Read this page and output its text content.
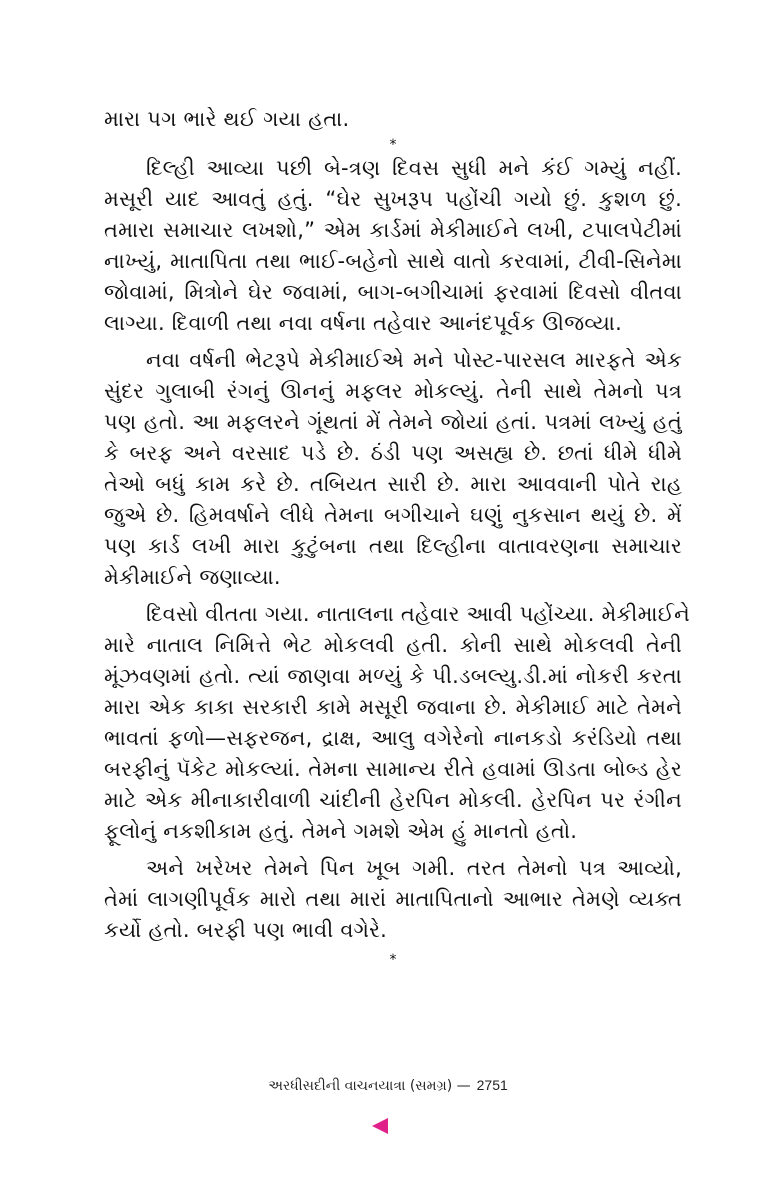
મારા પગ ભારે થઈ ગયા હતા.
*
દિલ્હી આવ્યા પછી બે-ત્રણ દિવસ સુધી મને કંઈ ગમ્યું નહીં.
મસૂરી યાદ આવતું હતું. “ઘેર સુખરૂપ પહોંચી ગયો છું. કુશળ છું.
તમારા સમાચાર લખશો,” એમ કાર્ડમાં મેકીમાઈને લખી, ટપાલપેટીમાં
નાખ્યું, માતાપિતા તથા ભાઈ-બહેનો સાથે વાતો કરવામાં, ટીવી-સિનેમા
જોવામાં, મિત્રોને ઘેર જવામાં, બાગ-બગીચામાં ફરવામાં દિવસો વીતવા
લાગ્યા. દિવાળી તથા નવા વર્ષના તહેવાર આનંદપૂર્વક ઊજવ્યા.
નવા વર્ષની ભેટરૂપે મેકીમાઈએ મને પોસ્ટ-પારસલ મારફતે એક
સુંદર ગુલાબી રંગનું ઊનનું મફલર મોકલ્યું. તેની સાથે તેમનો પત્ર
પણ હતો. આ મફલરને ગૂંથતાં મેં તેમને જોયાં હતાં. પત્રમાં લખ્યું હતું
કે બરફ અને વરસાદ પડે છે. ઠંડી પણ અસહ્ય છે. છતાં ધીમે ધીમે
તેઓ બધું કામ કરે છે. તબિયત સારી છે. મારા આવવાની પોતે રાહ
જુએ છે. હિમવર્ષાને લીધે તેમના બગીચાને ઘણું નુકસાન થયું છે. મેં
પણ કાર્ડ લખી મારા કુટુંબના તથા દિલ્હીના વાતાવરણના સમાચાર
મેકીમાઈને જણાવ્યા.
દિવસો વીતતા ગયા. નાતાલના તહેવાર આવી પહોંચ્યા. મેકીમાઈને
મારે નાતાલ નિમિત્તે ભેટ મોકલવી હતી. કોની સાથે મોકલવી તેની
મૂંઝવણમાં હતો. ત્યાં જાણવા મળ્યું કે પી.ડબલ્યુ.ડી.માં નોકરી કરતા
મારા એક કાકા સરકારી કામે મસૂરી જવાના છે. મેકીમાઈ માટે તેમને
ભાવતાં ફળો—સફરજન, દ્રાક્ષ, આલુ વગેરેનો નાનકડો કરંડિયો તથા
બરફીનું પૅકેટ મોકલ્યાં. તેમના સામાન્ય રીતે હવામાં ઊડતા બોબ્ડ હેર
માટે એક મીનાકારીવાળી ચાંદીની હેરપિન મોકલી. હેરપિન પર રંગીન
ફૂલોનું નકશીકામ હતું. તેમને ગમશે એમ હું માનતો હતો.
અને ખરેખર તેમને પિન ખૂબ ગમી. તરત તેમનો પત્ર આવ્યો,
તેમાં લાગણીપૂર્વક મારો તથા મારાં માતાપિતાનો આભાર તેમણે વ્યક્ત
કર્યો હતો. બરફી પણ ભાવી વગેરે.
*
અરધીસદીની વાચનયાત્રા (સમગ્ર) — 2751
